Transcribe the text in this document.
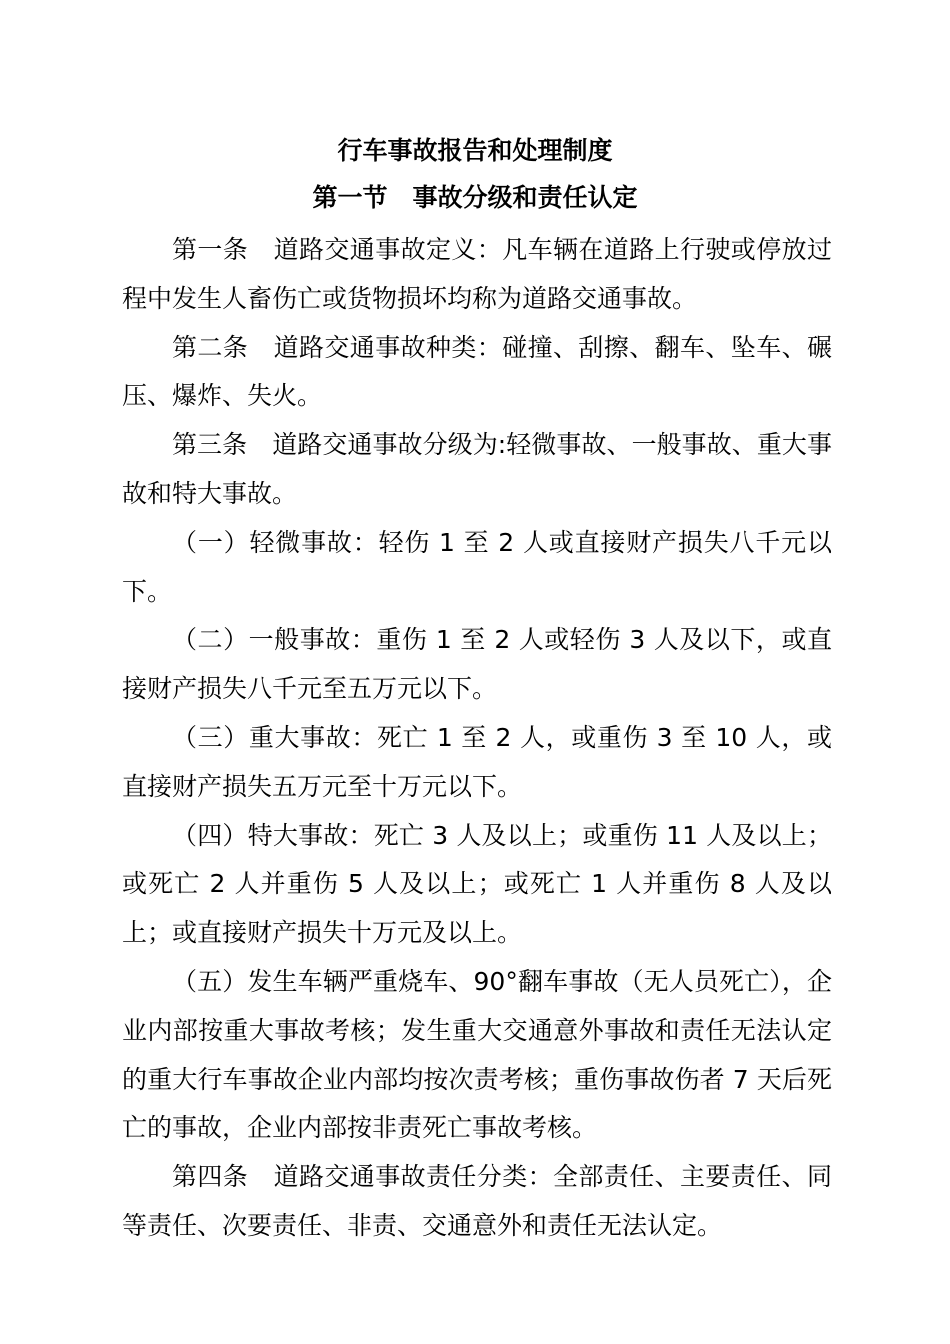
行车事故报告和处理制度
第一节　事故分级和责任认定

第一条　道路交通事故定义：凡车辆在道路上行驶或停放过程中发生人畜伤亡或货物损坏均称为道路交通事故。

第二条　道路交通事故种类：碰撞、刮擦、翻车、坠车、碾压、爆炸、失火。

第三条　道路交通事故分级为:轻微事故、一般事故、重大事故和特大事故。

（一）轻微事故：轻伤 1 至 2 人或直接财产损失八千元以下。

（二）一般事故：重伤 1 至 2 人或轻伤 3 人及以下，或直接财产损失八千元至五万元以下。

（三）重大事故：死亡 1 至 2 人，或重伤 3 至 10 人，或直接财产损失五万元至十万元以下。

（四）特大事故：死亡 3 人及以上；或重伤 11 人及以上；或死亡 2 人并重伤 5 人及以上；或死亡 1 人并重伤 8 人及以上；或直接财产损失十万元及以上。

（五）发生车辆严重烧车、90°翻车事故（无人员死亡），企业内部按重大事故考核；发生重大交通意外事故和责任无法认定的重大行车事故企业内部均按次责考核；重伤事故伤者 7 天后死亡的事故，企业内部按非责死亡事故考核。

第四条　道路交通事故责任分类：全部责任、主要责任、同等责任、次要责任、非责、交通意外和责任无法认定。
